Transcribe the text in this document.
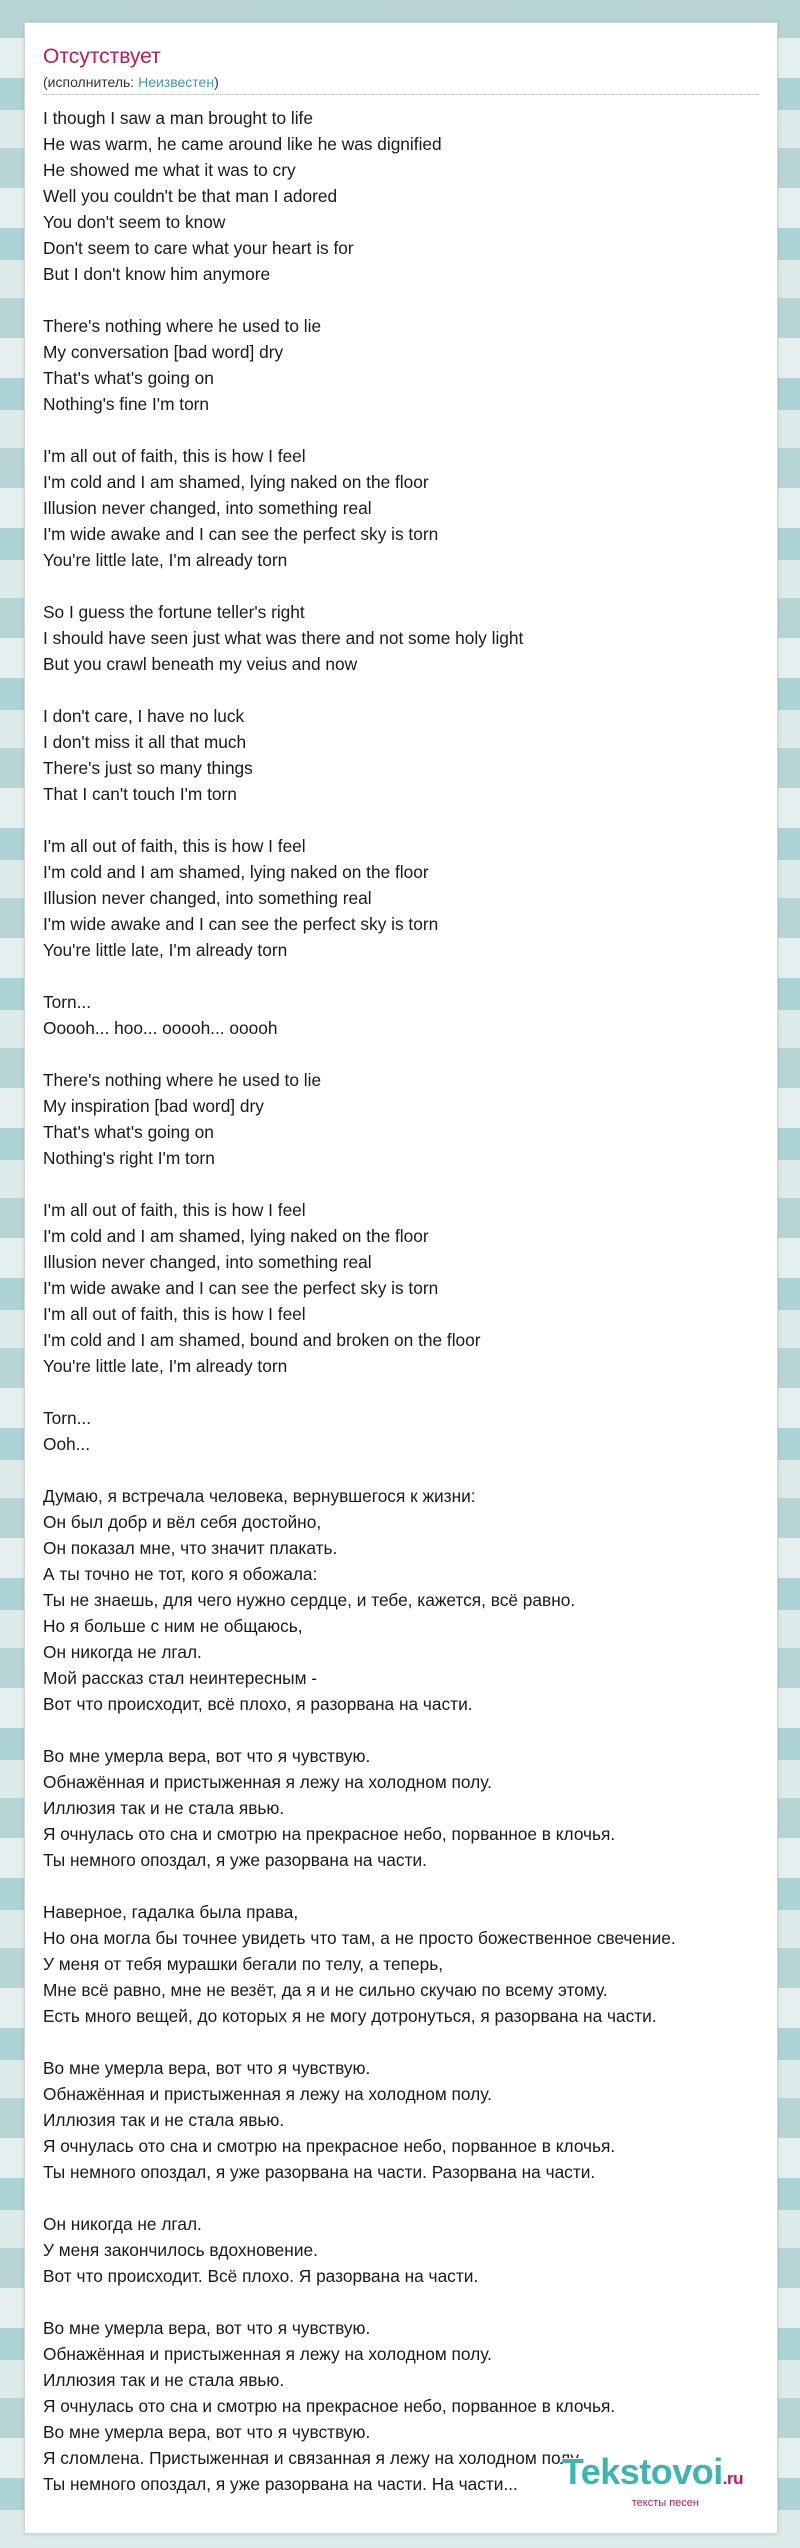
Отсутствует
(исполнитель: Неизвестен)
I though I saw a man brought to life
He was warm, he came around like he was dignified
He showed me what it was to cry
Well you couldn't be that man I adored
You don't seem to know
Don't seem to care what your heart is for
But I don't know him anymore
There's nothing where he used to lie
My conversation [bad word] dry
That's what's going on
Nothing's fine I'm torn
I'm all out of faith, this is how I feel
I'm cold and I am shamed, lying naked on the floor
Illusion never changed, into something real
I'm wide awake and I can see the perfect sky is torn
You're little late, I'm already torn
So I guess the fortune teller's right
I should have seen just what was there and not some holy light
But you crawl beneath my veius and now
I don't care, I have no luck
I don't miss it all that much
There's just so many things
That I can't touch I'm torn
I'm all out of faith, this is how I feel
I'm cold and I am shamed, lying naked on the floor
Illusion never changed, into something real
I'm wide awake and I can see the perfect sky is torn
You're little late, I'm already torn
Torn...
Ooooh... hoo... ooooh... ooooh
There's nothing where he used to lie
My inspiration [bad word] dry
That's what's going on
Nothing's right I'm torn
I'm all out of faith, this is how I feel
I'm cold and I am shamed, lying naked on the floor
Illusion never changed, into something real
I'm wide awake and I can see the perfect sky is torn
I'm all out of faith, this is how I feel
I'm cold and I am shamed, bound and broken on the floor
You're little late, I'm already torn
Torn...
Ooh...
Думаю, я встречала человека, вернувшегося к жизни:
Он был добр и вёл себя достойно,
Он показал мне, что значит плакать.
А ты точно не тот, кого я обожала:
Ты не знаешь, для чего нужно сердце, и тебе, кажется, всё равно.
Но я больше с ним не общаюсь,
Он никогда не лгал.
Мой рассказ стал неинтересным -
Вот что происходит, всё плохо, я разорвана на части.
Во мне умерла вера, вот что я чувствую.
Обнажённая и пристыженная я лежу на холодном полу.
Иллюзия так и не стала явью.
Я очнулась ото сна и смотрю на прекрасное небо, порванное в клочья.
Ты немного опоздал, я уже разорвана на части.
Наверное, гадалка была права,
Но она могла бы точнее увидеть что там, а не просто божественное свечение.
У меня от тебя мурашки бегали по телу, а теперь,
Мне всё равно, мне не везёт, да я и не сильно скучаю по всему этому.
Есть много вещей, до которых я не могу дотронуться, я разорвана на части.
Во мне умерла вера, вот что я чувствую.
Обнажённая и пристыженная я лежу на холодном полу.
Иллюзия так и не стала явью.
Я очнулась ото сна и смотрю на прекрасное небо, порванное в клочья.
Ты немного опоздал, я уже разорвана на части. Разорвана на части.
Он никогда не лгал.
У меня закончилось вдохновение.
Вот что происходит. Всё плохо. Я разорвана на части.
Во мне умерла вера, вот что я чувствую.
Обнажённая и пристыженная я лежу на холодном полу.
Иллюзия так и не стала явью.
Я очнулась ото сна и смотрю на прекрасное небо, порванное в клочья.
Во мне умерла вера, вот что я чувствую.
Я сломлена. Пристыженная и связанная я лежу на холодном полу.
Ты немного опоздал, я уже разорвана на части. На части...	Tekstovoi.ru
тексты песен
